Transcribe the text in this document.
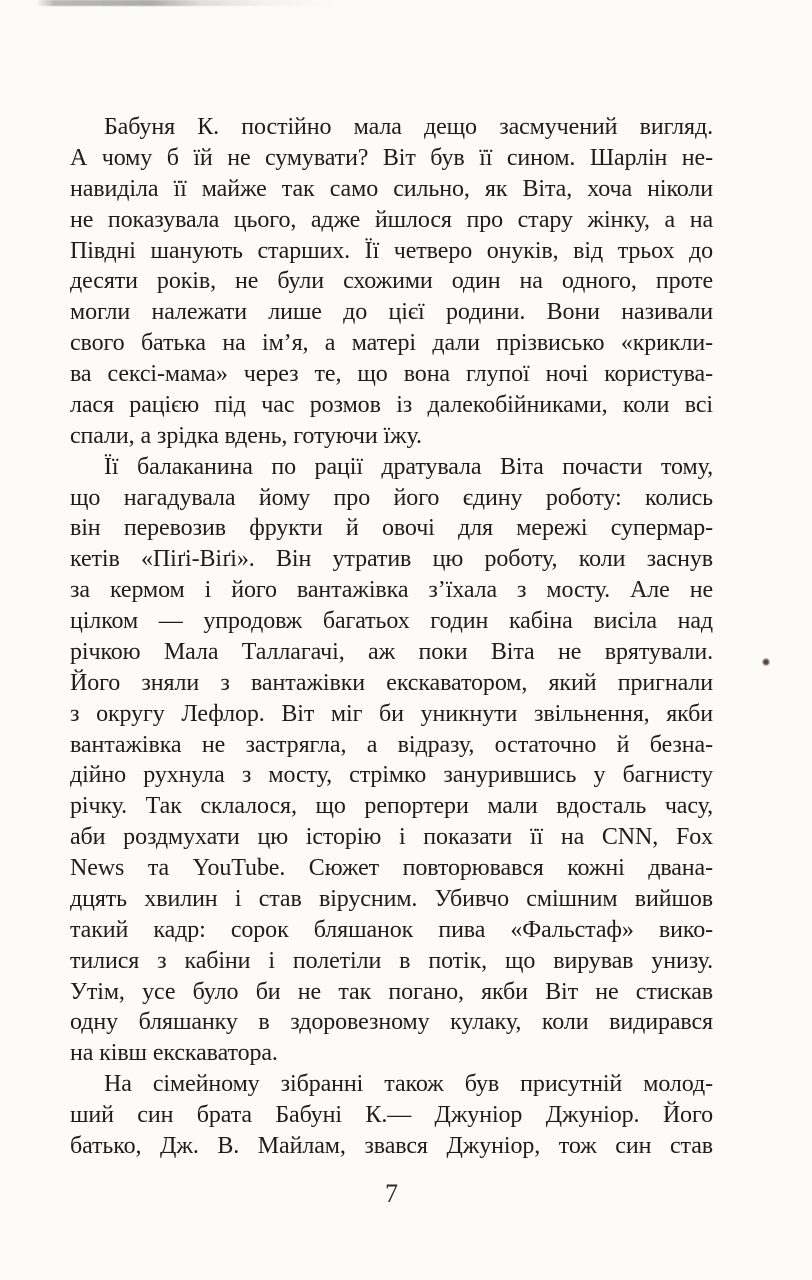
Бабуня К. постійно мала дещо засмучений вигляд.
А чому б їй не сумувати? Віт був її сином. Шарлін не-
навиділа її майже так само сильно, як Віта, хоча ніколи
не показувала цього, адже йшлося про стару жінку, а на
Півдні шанують старших. Її четверо онуків, від трьох до
десяти років, не були схожими один на одного, проте
могли належати лише до цієї родини. Вони називали
свого батька на ім’я, а матері дали прізвисько «крикли-
ва сексі-мама» через те, що вона глупої ночі користува-
лася рацією під час розмов із далекобійниками, коли всі
спали, а зрідка вдень, готуючи їжу.
Її балаканина по рації дратувала Віта почасти тому,
що нагадувала йому про його єдину роботу: колись
він перевозив фрукти й овочі для мережі супермар-
кетів «Піґі-Віґі». Він утратив цю роботу, коли заснув
за кермом і його вантажівка з’їхала з мосту. Але не
цілком — упродовж багатьох годин кабіна висіла над
річкою Мала Таллагачі, аж поки Віта не врятували.
Його зняли з вантажівки екскаватором, який пригнали
з округу Лефлор. Віт міг би уникнути звільнення, якби
вантажівка не застрягла, а відразу, остаточно й безна-
дійно рухнула з мосту, стрімко занурившись у багнисту
річку. Так склалося, що репортери мали вдосталь часу,
аби роздмухати цю історію і показати її на CNN, Fox
News та YouTube. Сюжет повторювався кожні двана-
дцять хвилин і став вірусним. Убивчо смішним вийшов
такий кадр: сорок бляшанок пива «Фальстаф» вико-
тилися з кабіни і полетіли в потік, що вирував унизу.
Утім, усе було би не так погано, якби Віт не стискав
одну бляшанку в здоровезному кулаку, коли видирався
на ківш екскаватора.
На сімейному зібранні також був присутній молод-
ший син брата Бабуні К.— Джуніор Джуніор. Його
батько, Дж. В. Майлам, звався Джуніор, тож син став
7
